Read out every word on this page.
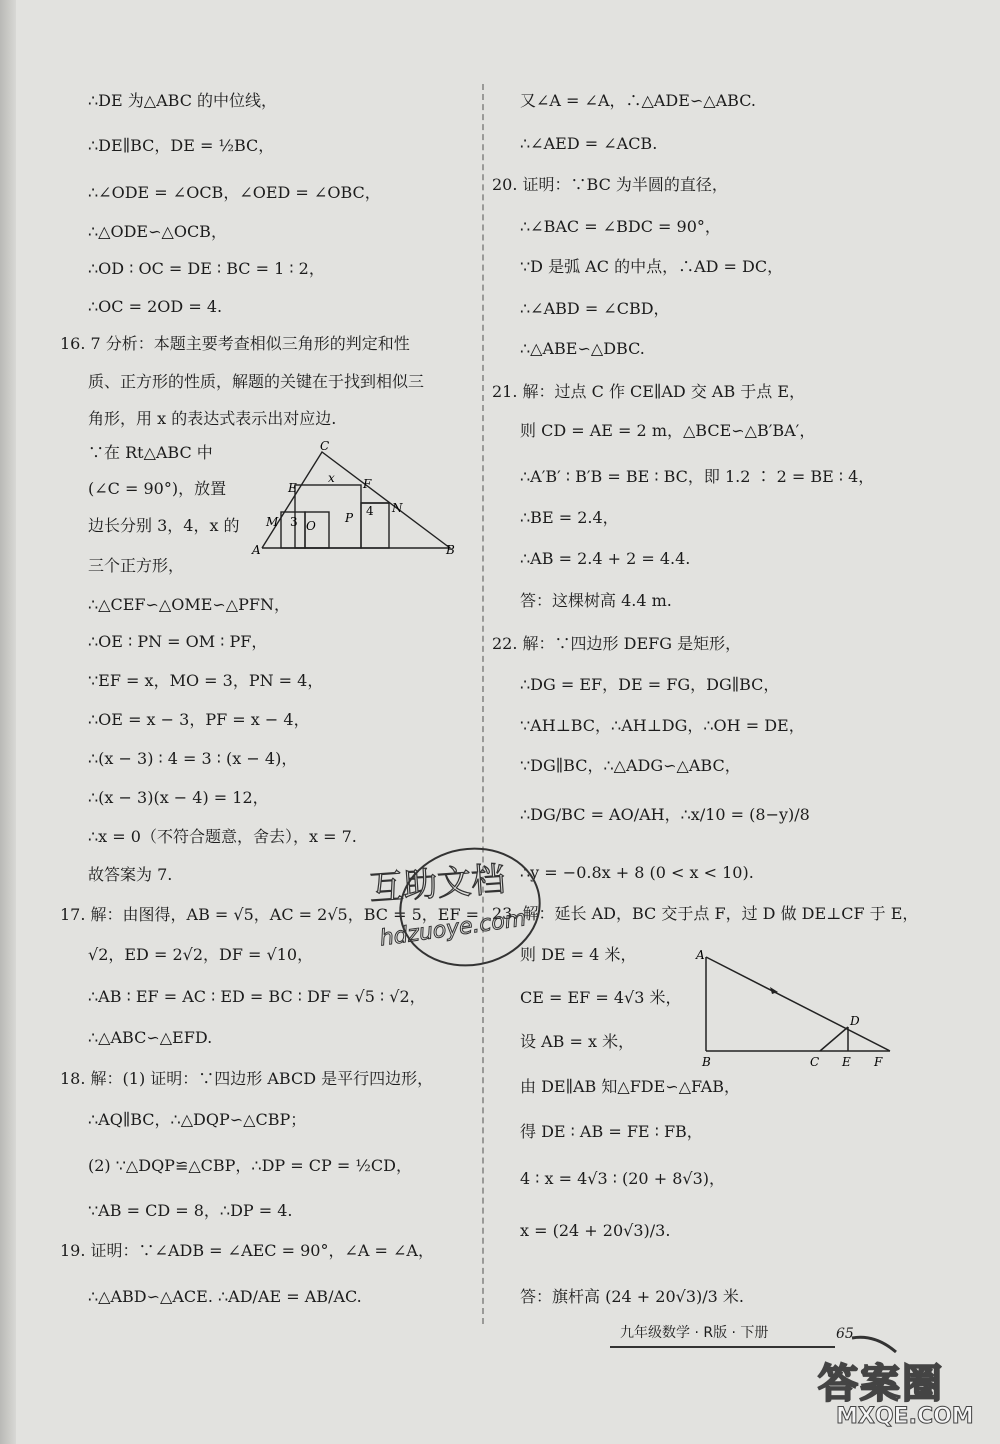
∴DE 为△ABC 的中位线，
∴DE∥BC，DE = ½BC，
∴∠ODE = ∠OCB，∠OED = ∠OBC，
∴△ODE∽△OCB，
∴OD ∶ OC = DE ∶ BC = 1 ∶ 2，
∴OC = 2OD = 4.
16. 7 分析：本题主要考查相似三角形的判定和性
质、正方形的性质，解题的关键在于找到相似三
角形，用 x 的表达式表示出对应边.
∵在 Rt△ABC 中
(∠C = 90°)，放置
边长分别 3，4，x 的
三个正方形，
∴△CEF∽△OME∽△PFN，
∴OE ∶ PN = OM ∶ PF，
∵EF = x，MO = 3，PN = 4，
∴OE = x − 3，PF = x − 4，
∴(x − 3) ∶ 4 = 3 ∶ (x − 4)，
∴(x − 3)(x − 4) = 12，
∴x = 0（不符合题意，舍去），x = 7.
故答案为 7.
17. 解：由图得，AB = √5，AC = 2√5，BC = 5，EF =
√2，ED = 2√2，DF = √10，
∴AB ∶ EF = AC ∶ ED = BC ∶ DF = √5 ∶ √2，
∴△ABC∽△EFD.
18. 解：(1) 证明：∵四边形 ABCD 是平行四边形，
∴AQ∥BC，∴△DQP∽△CBP；
(2) ∵△DQP≌△CBP，∴DP = CP = ½CD，
∵AB = CD = 8，∴DP = 4.
19. 证明：∵∠ADB = ∠AEC = 90°，∠A = ∠A，
∴△ABD∽△ACE. ∴AD/AE = AB/AC.
C
E	F
x
M 3 O
P 4 N
A	B
又∠A = ∠A，∴△ADE∽△ABC.
∴∠AED = ∠ACB.
20. 证明：∵BC 为半圆的直径，
∴∠BAC = ∠BDC = 90°，
∵D 是弧 AC 的中点，∴AD = DC，
∴∠ABD = ∠CBD，
∴△ABE∽△DBC.
21. 解：过点 C 作 CE∥AD 交 AB 于点 E，
则 CD = AE = 2 m，△BCE∽△B′BA′，
∴A′B′ ∶ B′B = BE ∶ BC，即 1.2 ∶ 2 = BE ∶ 4，
∴BE = 2.4，
∴AB = 2.4 + 2 = 4.4.
答：这棵树高 4.4 m.
22. 解：∵四边形 DEFG 是矩形，
∴DG = EF，DE = FG，DG∥BC，
∵AH⊥BC，∴AH⊥DG，∴OH = DE，
∵DG∥BC，∴△ADG∽△ABC，
∴DG/BC = AO/AH，∴x/10 = (8−y)/8
∴y = −0.8x + 8 (0 < x < 10).
23. 解：延长 AD，BC 交于点 F，过 D 做 DE⊥CF 于 E，
则 DE = 4 米，
CE = EF = 4√3 米，
设 AB = x 米，
由 DE∥AB 知△FDE∽△FAB，
得 DE ∶ AB = FE ∶ FB，
4 ∶ x = 4√3 ∶ (20 + 8√3)，
x = (24 + 20√3)/3.
答：旗杆高 (24 + 20√3)/3 米.
A
B	C
D
E F
互助文档
hdzuoye.com
九年级数学 · R版 · 下册	65
答案圈
MXQE.COM
